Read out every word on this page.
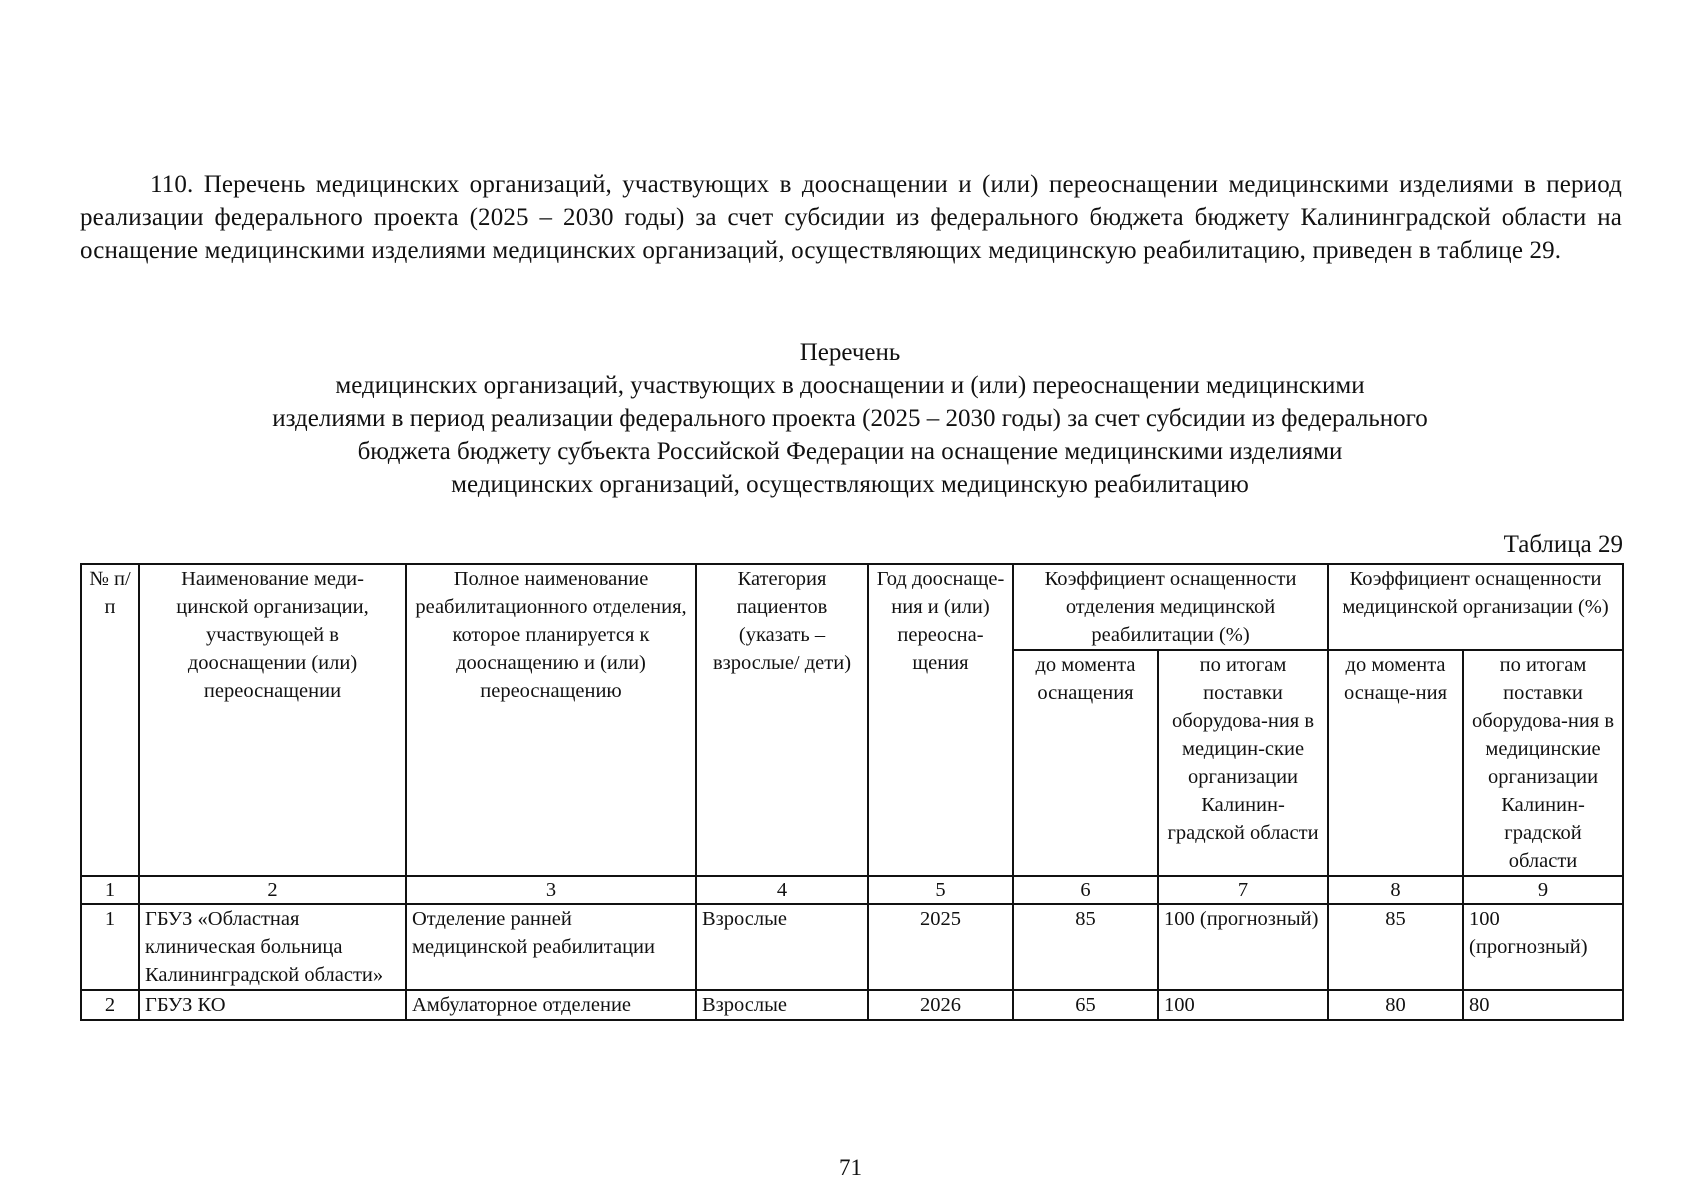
110. Перечень медицинских организаций, участвующих в дооснащении и (или) переоснащении медицинскими изделиями в период реализации федерального проекта (2025 – 2030 годы) за счет субсидии из федерального бюджета бюджету Калининградской области на оснащение медицинскими изделиями медицинских организаций, осуществляющих медицинскую реабилитацию, приведен в таблице 29.
Перечень
медицинских организаций, участвующих в дооснащении и (или) переоснащении медицинскими
изделиями в период реализации федерального проекта (2025 – 2030 годы) за счет субсидии из федерального
бюджета бюджету субъекта Российской Федерации на оснащение медицинскими изделиями
медицинских организаций, осуществляющих медицинскую реабилитацию
Таблица 29
№ п/п	Наименование меди-цинской организации, участвующей в дооснащении (или) переоснащении	Полное наименование реабилитационного отделения, которое планируется к дооснащению и (или) переоснащению	Категория пациентов (указать – взрослые/ дети)	Год дооснаще-ния и (или) переосна-щения	Коэффициент оснащенности отделения медицинской реабилитации (%)		Коэффициент оснащенности медицинской организации (%)	
					до момента оснащения	по итогам поставки оборудова-ния в медицин-ские организации Калинин-градской области	до момента оснаще-ния	по итогам поставки оборудова-ния в медицинские организации Калинин-градской области
1	2	3	4	5	6	7	8	9
1	ГБУЗ «Областная клиническая больница Калининградской области»	Отделение ранней медицинской реабилитации	Взрослые	2025	85	100 (прогнозный)	85	100 (прогнозный)
2	ГБУЗ КО	Амбулаторное отделение	Взрослые	2026	65	100	80	80
71
